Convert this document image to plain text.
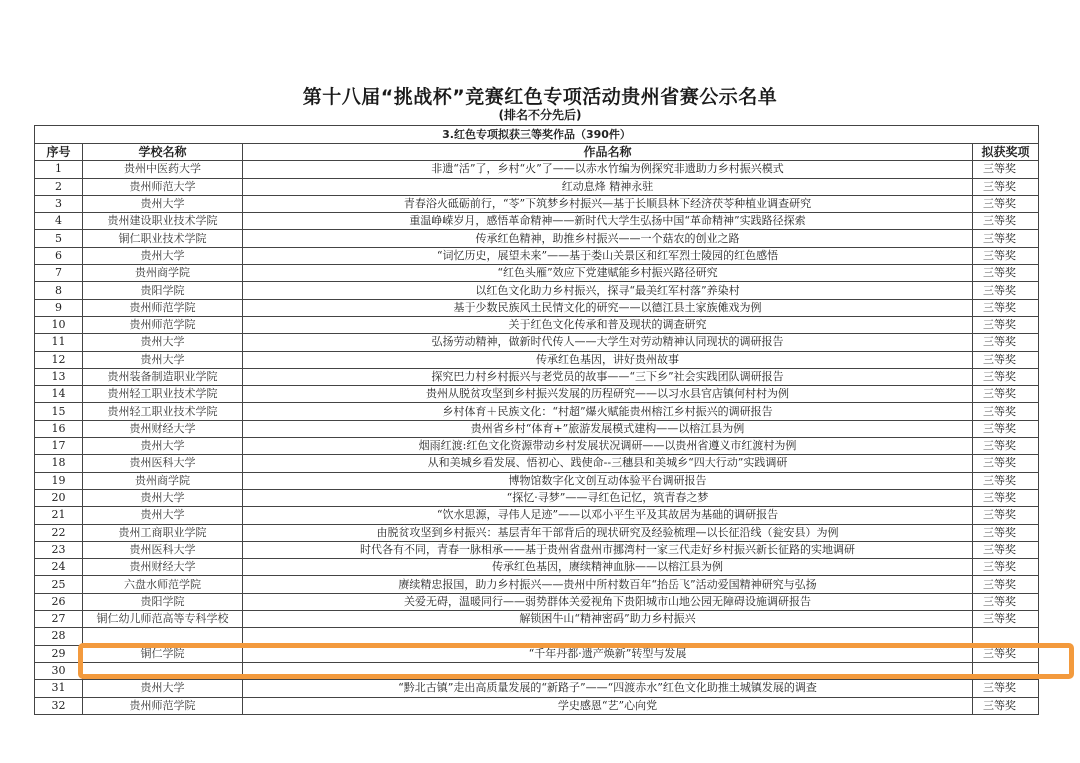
第十八届“挑战杯”竞赛红色专项活动贵州省赛公示名单
(排名不分先后)
3.红色专项拟获三等奖作品（390件）			
序号	学校名称	作品名称	拟获奖项
1	贵州中医药大学	非遗“活”了，乡村“火”了——以赤水竹编为例探究非遗助力乡村振兴模式	三等奖
2	贵州师范大学	红动息烽 精神永驻	三等奖
3	贵州大学	青春浴火砥砺前行，“苓”下筑梦乡村振兴—基于长顺县林下经济茯苓种植业调查研究	三等奖
4	贵州建设职业技术学院	重温峥嵘岁月，感悟革命精神——新时代大学生弘扬中国“革命精神”实践路径探索	三等奖
5	铜仁职业技术学院	传承红色精神，助推乡村振兴——一个菇农的创业之路	三等奖
6	贵州大学	“词忆历史，展望未来”——基于娄山关景区和红军烈士陵园的红色感悟	三等奖
7	贵州商学院	“红色头雁”效应下党建赋能乡村振兴路径研究	三等奖
8	贵阳学院	以红色文化助力乡村振兴，探寻“最美红军村落”养染村	三等奖
9	贵州师范学院	基于少数民族风土民情文化的研究——以德江县土家族傩戏为例	三等奖
10	贵州师范学院	关于红色文化传承和普及现状的调查研究	三等奖
11	贵州大学	弘扬劳动精神，做新时代传人——大学生对劳动精神认同现状的调研报告	三等奖
12	贵州大学	传承红色基因，讲好贵州故事	三等奖
13	贵州装备制造职业学院	探究巴力村乡村振兴与老党员的故事——“三下乡”社会实践团队调研报告	三等奖
14	贵州轻工职业技术学院	贵州从脱贫攻坚到乡村振兴发展的历程研究——以习水县官店镇何村村为例	三等奖
15	贵州轻工职业技术学院	乡村体育＋民族文化：“村超”爆火赋能贵州榕江乡村振兴的调研报告	三等奖
16	贵州财经大学	贵州省乡村“体育+”旅游发展模式建构——以榕江县为例	三等奖
17	贵州大学	烟雨红渡:红色文化资源带动乡村发展状况调研——以贵州省遵义市红渡村为例	三等奖
18	贵州医科大学	从和美城乡看发展、悟初心、践使命--三穗县和美城乡“四大行动”实践调研	三等奖
19	贵州商学院	博物馆数字化文创互动体验平台调研报告	三等奖
20	贵州大学	“探忆·寻梦”——寻红色记忆，筑青春之梦	三等奖
21	贵州大学	“饮水思源，寻伟人足迹”——以邓小平生平及其故居为基础的调研报告	三等奖
22	贵州工商职业学院	由脱贫攻坚到乡村振兴：基层青年干部背后的现状研究及经验梳理—以长征沿线（瓮安县）为例	三等奖
23	贵州医科大学	时代各有不同，青春一脉相承——基于贵州省盘州市挪湾村一家三代走好乡村振兴新长征路的实地调研	三等奖
24	贵州财经大学	传承红色基因，赓续精神血脉——以榕江县为例	三等奖
25	六盘水师范学院	赓续精忠报国，助力乡村振兴——贵州中所村数百年“抬岳飞”活动爱国精神研究与弘扬	三等奖
26	贵阳学院	关爱无碍，温暖同行——弱势群体关爱视角下贵阳城市山地公园无障碍设施调研报告	三等奖
27	铜仁幼儿师范高等专科学校	解锁困牛山“精神密码”助力乡村振兴	三等奖
28			
29	铜仁学院	“千年丹都·遗产焕新”转型与发展	三等奖
30			
31	贵州大学	“黔北古镇”走出高质量发展的“新路子”——“四渡赤水”红色文化助推土城镇发展的调查	三等奖
32	贵州师范学院	学史感恩“艺”心向党	三等奖
